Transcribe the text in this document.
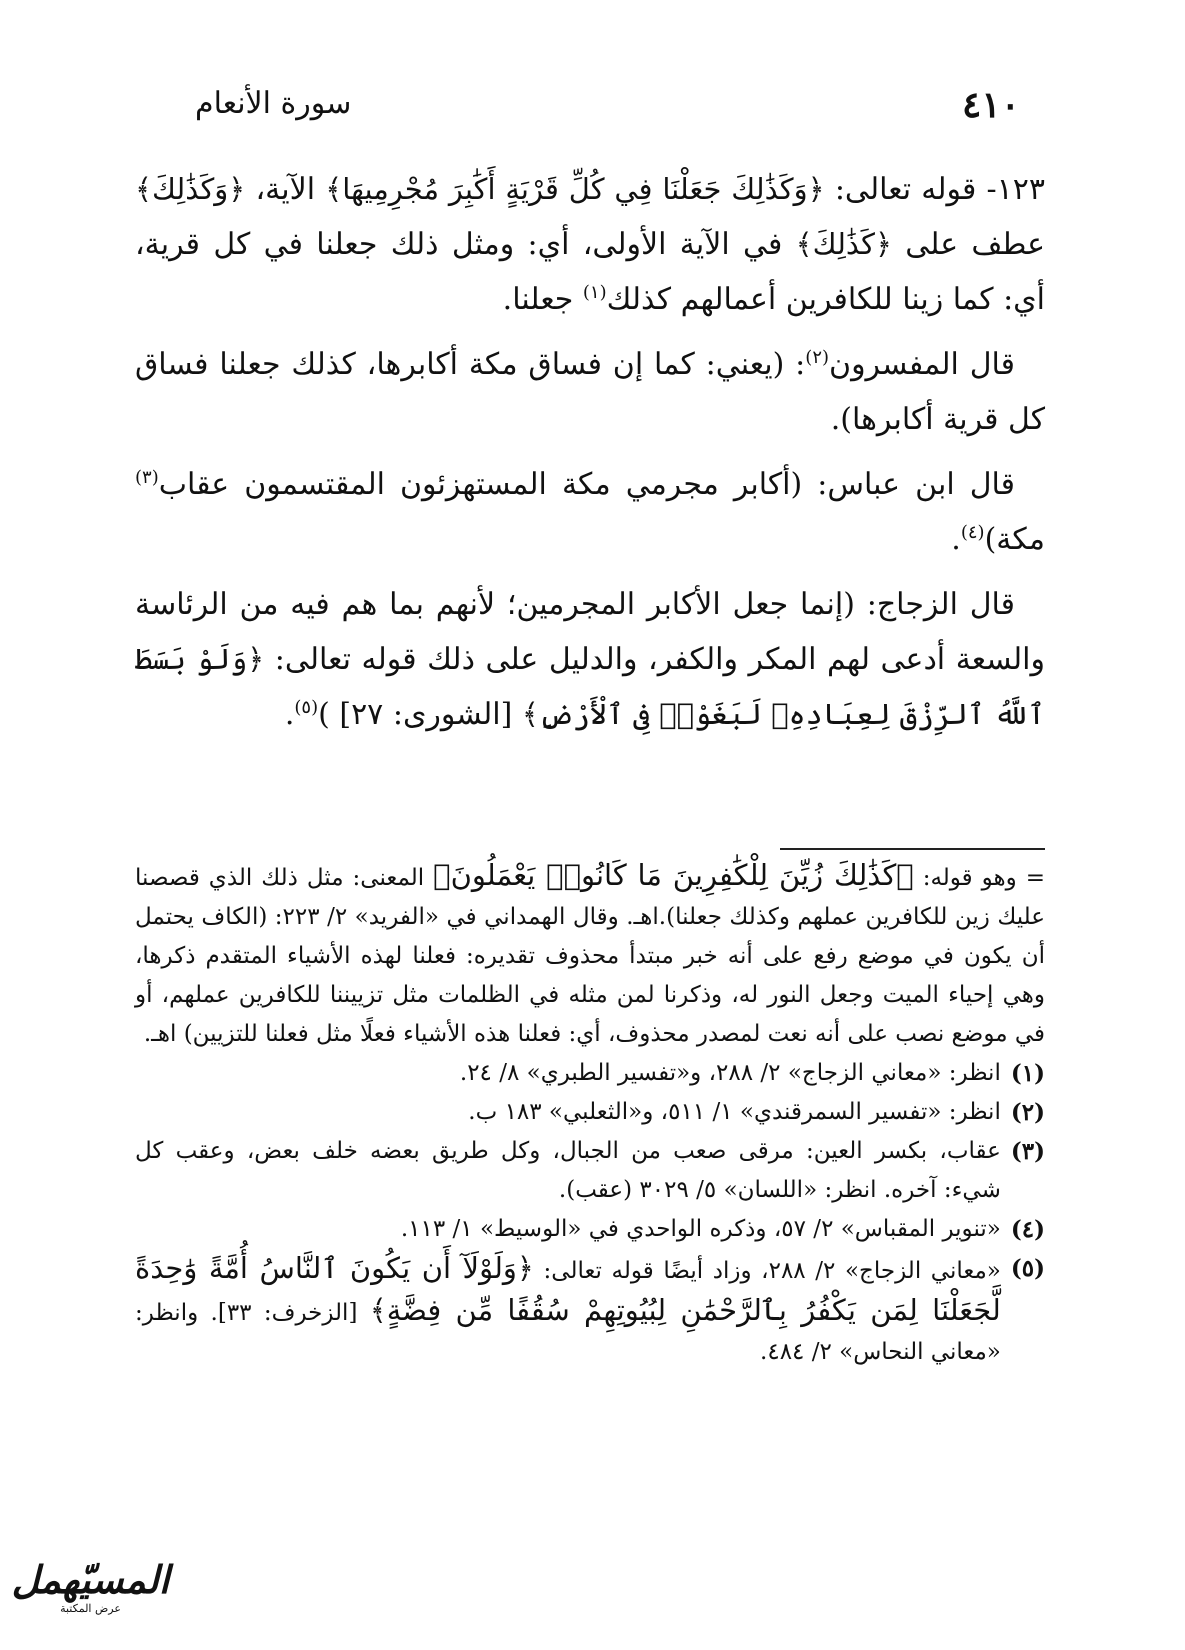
٤١٠
سورة الأنعام

١٢٣- قوله تعالى: ﴿وَكَذَٰلِكَ جَعَلْنَا فِي كُلِّ قَرْيَةٍ أَكَٰبِرَ مُجْرِمِيهَا﴾ الآية، ﴿وَكَذَٰلِكَ﴾ عطف على ﴿كَذَٰلِكَ﴾ في الآية الأولى، أي: ومثل ذلك جعلنا في كل قرية، أي: كما زينا للكافرين أعمالهم كذلك$^{(١)}$ جعلنا.

قال المفسرون$^{(٢)}$: (يعني: كما إن فساق مكة أكابرها، كذلك جعلنا فساق كل قرية أكابرها).

قال ابن عباس: (أكابر مجرمي مكة المستهزئون المقتسمون عقاب$^{(٣)}$ مكة)$^{(٤)}$.

قال الزجاج: (إنما جعل الأكابر المجرمين؛ لأنهم بما هم فيه من الرئاسة والسعة أدعى لهم المكر والكفر، والدليل على ذلك قوله تعالى: ﴿وَلَوْ بَسَطَ ٱللَّهُ ٱلرِّزْقَ لِعِبَادِهِۦ لَبَغَوْا۟ فِى ٱلْأَرْضِ﴾ [الشورى: ٢٧] )$^{(٥)}$.

= وهو قوله: ﴿كَذَٰلِكَ زُيِّنَ لِلْكَٰفِرِينَ مَا كَانُوا۟ يَعْمَلُونَ﴾ المعنى: مثل ذلك الذي قصصنا عليك زين للكافرين عملهم وكذلك جعلنا).اهـ. وقال الهمداني في «الفريد» ٢/ ٢٢٣: (الكاف يحتمل أن يكون في موضع رفع على أنه خبر مبتدأ محذوف تقديره: فعلنا لهذه الأشياء المتقدم ذكرها، وهي إحياء الميت وجعل النور له، وذكرنا لمن مثله في الظلمات مثل تزييننا للكافرين عملهم، أو في موضع نصب على أنه نعت لمصدر محذوف، أي: فعلنا هذه الأشياء فعلًا مثل فعلنا للتزيين) اهـ.

(١)
انظر: «معاني الزجاج» ٢/ ٢٨٨، و«تفسير الطبري» ٨/ ٢٤.
(٢)
انظر: «تفسير السمرقندي» ١/ ٥١١، و«الثعلبي» ١٨٣ ب.
(٣)
عقاب، بكسر العين: مرقى صعب من الجبال، وكل طريق بعضه خلف بعض، وعقب كل شيء: آخره. انظر: «اللسان» ٥/ ٣٠٢٩ (عقب).
(٤)
«تنوير المقباس» ٢/ ٥٧، وذكره الواحدي في «الوسيط» ١/ ١١٣.
(٥)
«معاني الزجاج» ٢/ ٢٨٨، وزاد أيضًا قوله تعالى: ﴿وَلَوْلَآ أَن يَكُونَ ٱلنَّاسُ أُمَّةً وَٰحِدَةً لَّجَعَلْنَا لِمَن يَكْفُرُ بِٱلرَّحْمَٰنِ لِبُيُوتِهِمْ سُقُفًا مِّن فِضَّةٍ﴾ [الزخرف: ٣٣]. وانظر: «معاني النحاس» ٢/ ٤٨٤.
المسيّهمل
عرض المكتبة
